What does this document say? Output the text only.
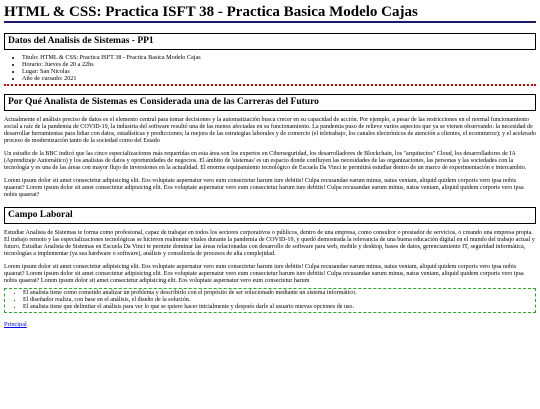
HTML & CSS: Practica ISFT 38 - Practica Basica Modelo Cajas
Datos del Analisis de Sistemas - PP1
• Titulo: HTML & CSS: Practica ISFT 38 - Practica Basica Modelo Cajas
• Horario: Jueves de 20 a 22hs
• Lugar: San Nicolas
• Año de cursado: 2021
Por Qué Analista de Sistemas es Considerada una de las Carreras del Futuro

Actualmente el análisis preciso de datos es el elemento central para tomar decisiones y la automatización busca crecer en su capacidad de acción. Por ejemplo, a pesar de las restricciones en el normal funcionamiento social a raíz de la pandemia de COVID-19, la industria del software resultó una de las menos afectadas en su funcionamiento. La pandemia puso de relieve varios aspectos que ya se vienen observando: la necesidad de desarrollar herramientas para lidiar con datos, estadísticas y predicciones; la mejora de las estrategias laborales y de comercio (el teletrabajo, los canales electrónicos de atención a clientes, el ecommerce); y el acelerado proceso de modernización tanto de la sociedad como del Estado

Un estudio de la BBC indicó que las cinco especializaciones más requeridas en esta área son los expertos en Ciberseguridad, los desarrolladores de Blockchain, los "arquitectos" Cloud, los desarrolladores de IA (Aprendizaje Automático) y los analistas de datos y oportunidades de negocios. El ámbito de 'sistemas' es un espacio donde confluyen las necesidades de las organizaciones, las personas y las sociedades con la tecnología y es una de las áreas con mayor flujo de inversiones en la actualidad. El enorme equipamiento tecnológico de Escuela Da Vinci te permitirá estudiar dentro de un marco de experimentación e intercambio.

Lorem ipsum dolor sit amet consectetur adipisicing elit. Eos voluptate aspernatur vero eum consectetur harum iure debitis! Culpa recusandae earum minus, natus veniam, aliquid quidem corporis vero ipsa nobis quaerat? Lorem ipsum dolor sit amet consectetur adipisicing elit. Eos voluptate aspernatur vero eum consectetur harum iure debitis! Culpa recusandae earum minus, natus veniam, aliquid quidem corporis vero ipsa nobis quaerat?

Campo Laboral

Estudiar Analista de Sistemas te forma como profesional, capaz de trabajar en todos los sectores corporativos o públicos, dentro de una empresa, como consultor o prestador de servicios, o creando una empresa propia. El trabajo remoto y las especializaciones tecnológicas se hicieron realmente vitales durante la pandemia de COVID-19, y quedó demostrada la relevancia de una buena educación digital en el mundo del trabajo actual y futuro. Estudiar Analista de Sistemas en Escuela Da Vinci te permite dominar las áreas relacionadas con desarrollo de software para web, mobile y desktop, bases de datos, gerenciamiento IT, seguridad informática, tecnologías a implementar (ya sea hardware o software), análisis y consultoría de procesos de alta complejidad.

Lorem ipsum dolor sit amet consectetur adipisicing elit. Eos voluptate aspernatur vero eum consectetur harum iure debitis! Culpa recusandae earum minus, natus veniam, aliquid quidem corporis vero ipsa nobis quaerat? Lorem ipsum dolor sit amet consectetur adipisicing elit. Eos voluptate aspernatur vero eum consectetur harum iure debitis! Culpa recusandae earum minus, natus veniam, aliquid quidem corporis vero ipsa nobis quaerat? Lorem ipsum dolor sit amet consectetur adipisicing elit. Eos voluptate aspernatur vero eum consectetur harum

• El analista tiene como cometido analizar un problema y describirlo con el propósito de ser solucionado mediante un sistema informático.
• El diseñador realiza, con base en el análisis, el diseño de la solución.
• El analista tiene que delimitar el análisis para ver lo que se quiere hacer inicialmente y después darle al usuario nuevas opciones de uso.
Principal
